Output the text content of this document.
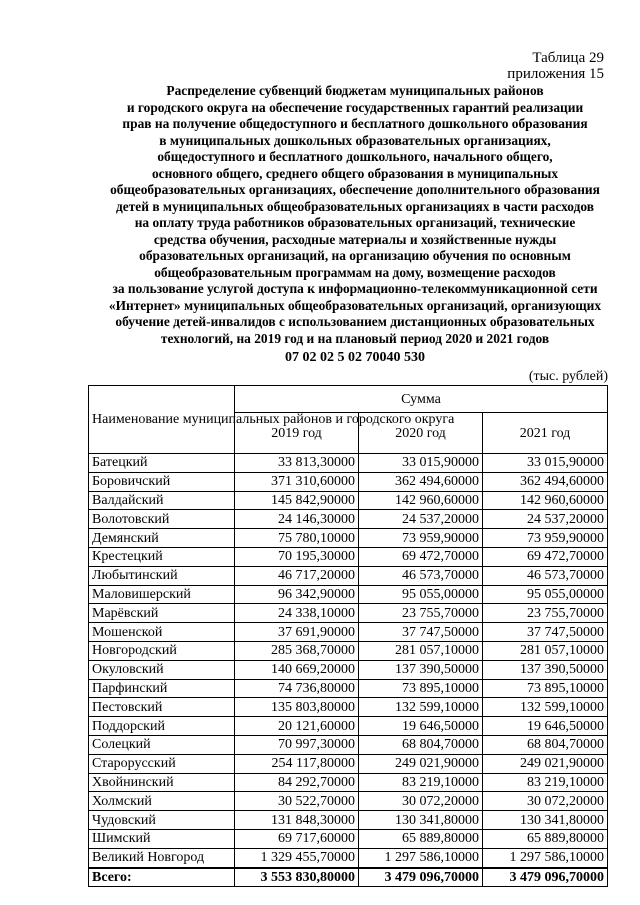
Таблица 29
приложения 15
Распределение субвенций бюджетам муниципальных районов
и городского округа на обеспечение государственных гарантий реализации
прав на получение общедоступного и бесплатного дошкольного образования
в муниципальных дошкольных образовательных организациях,
общедоступного и бесплатного дошкольного, начального общего,
основного общего, среднего общего образования в муниципальных
общеобразовательных организациях, обеспечение дополнительного образования
детей в муниципальных общеобразовательных организациях в части расходов
на оплату труда работников образовательных организаций, технические
средства обучения, расходные материалы и хозяйственные нужды
образовательных организаций, на организацию обучения по основным
общеобразовательным программам на дому, возмещение расходов
за пользование услугой доступа к информационно-телекоммуникационной сети
«Интернет» муниципальных общеобразовательных организаций, организующих
обучение детей-инвалидов с использованием дистанционных образовательных
технологий, на 2019 год и на плановый период 2020 и 2021 годов
07 02 02 5 02 70040 530
(тыс. рублей)
Наименование муниципальных районов и городского округа	Сумма		
	2019 год	2020 год	2021 год
Батецкий	33 813,30000	33 015,90000	33 015,90000
Боровичский	371 310,60000	362 494,60000	362 494,60000
Валдайский	145 842,90000	142 960,60000	142 960,60000
Волотовский	24 146,30000	24 537,20000	24 537,20000
Демянский	75 780,10000	73 959,90000	73 959,90000
Крестецкий	70 195,30000	69 472,70000	69 472,70000
Любытинский	46 717,20000	46 573,70000	46 573,70000
Маловишерский	96 342,90000	95 055,00000	95 055,00000
Марёвский	24 338,10000	23 755,70000	23 755,70000
Мошенской	37 691,90000	37 747,50000	37 747,50000
Новгородский	285 368,70000	281 057,10000	281 057,10000
Окуловский	140 669,20000	137 390,50000	137 390,50000
Парфинский	74 736,80000	73 895,10000	73 895,10000
Пестовский	135 803,80000	132 599,10000	132 599,10000
Поддорский	20 121,60000	19 646,50000	19 646,50000
Солецкий	70 997,30000	68 804,70000	68 804,70000
Старорусский	254 117,80000	249 021,90000	249 021,90000
Хвойнинский	84 292,70000	83 219,10000	83 219,10000
Холмский	30 522,70000	30 072,20000	30 072,20000
Чудовский	131 848,30000	130 341,80000	130 341,80000
Шимский	69 717,60000	65 889,80000	65 889,80000
Великий Новгород	1 329 455,70000	1 297 586,10000	1 297 586,10000
Всего:	3 553 830,80000	3 479 096,70000	3 479 096,70000
